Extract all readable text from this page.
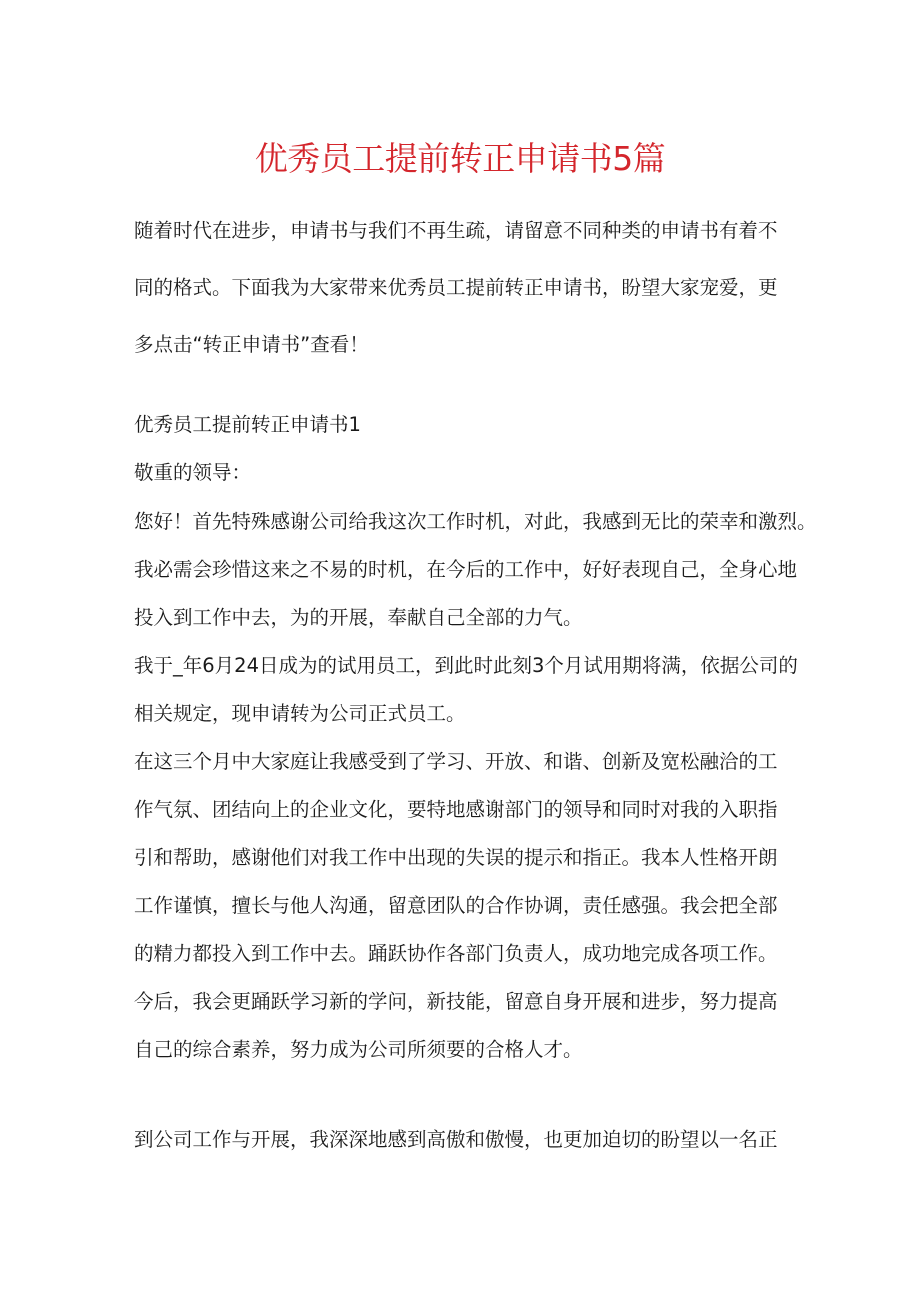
优秀员工提前转正申请书5篇
随着时代在进步，申请书与我们不再生疏，请留意不同种类的申请书有着不
同的格式。下面我为大家带来优秀员工提前转正申请书，盼望大家宠爱，更
多点击“转正申请书”查看！
优秀员工提前转正申请书1
敬重的领导：
您好！首先特殊感谢公司给我这次工作时机，对此，我感到无比的荣幸和激烈。
我必需会珍惜这来之不易的时机，在今后的工作中，好好表现自己，全身心地
投入到工作中去，为的开展，奉献自己全部的力气。
我于_年6月24日成为的试用员工，到此时此刻3个月试用期将满，依据公司的
相关规定，现申请转为公司正式员工。
在这三个月中大家庭让我感受到了学习、开放、和谐、创新及宽松融洽的工
作气氛、团结向上的企业文化，要特地感谢部门的领导和同时对我的入职指
引和帮助，感谢他们对我工作中出现的失误的提示和指正。我本人性格开朗
工作谨慎，擅长与他人沟通，留意团队的合作协调，责任感强。我会把全部
的精力都投入到工作中去。踊跃协作各部门负责人，成功地完成各项工作。
今后，我会更踊跃学习新的学问，新技能，留意自身开展和进步，努力提高
自己的综合素养，努力成为公司所须要的合格人才。
到公司工作与开展，我深深地感到高傲和傲慢，也更加迫切的盼望以一名正
